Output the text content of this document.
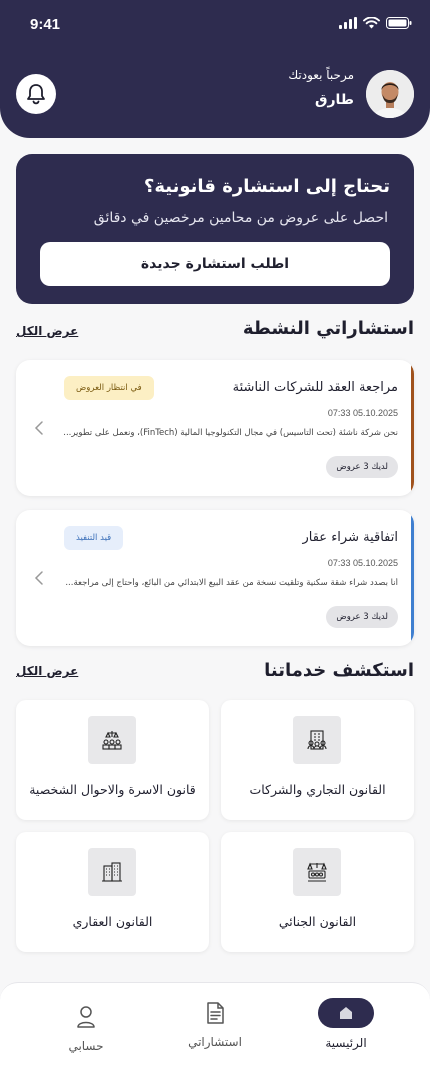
9:41
مرحباً بعودتك
طارق
تحتاج إلى استشارة قانونية؟
احصل على عروض من محامين مرخصين في دقائق
اطلب استشارة جديدة
استشاراتي النشطة
عرض الكل
مراجعة العقد للشركات الناشئة
07:33 05.10.2025
نحن شركة ناشئة (تحت التأسيس) في مجال التكنولوجيا المالية (FinTech)، ونعمل على تطوير...
في انتظار العروض
لديك 3 عروض
اتفاقية شراء عقار
07:33 05.10.2025
أنا بصدد شراء شقة سكنية وتلقيت نسخة من عقد البيع الابتدائي من البائع، وأحتاج إلى مراجعة...
قيد التنفيذ
لديك 3 عروض
استكشف خدماتنا
عرض الكل
القانون التجاري والشركات
قانون الاسرة والاحوال الشخصية
القانون الجنائي
القانون العقاري
الرئيسية
استشاراتي
حسابي
